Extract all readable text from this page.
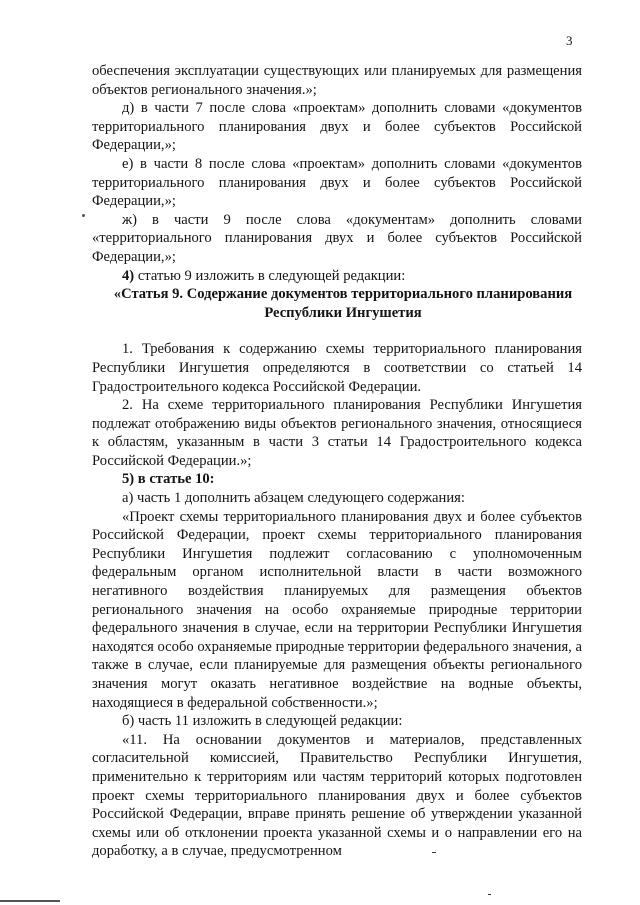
3

обеспечения эксплуатации существующих или планируемых для размещения объектов регионального значения.»;

д) в части 7 после слова «проектам» дополнить словами «документов территориального планирования двух и более субъектов Российской Федерации,»;

е) в части 8 после слова «проектам» дополнить словами «документов территориального планирования двух и более субъектов Российской Федерации,»;

ж) в части 9 после слова «документам» дополнить словами «территориального планирования двух и более субъектов Российской Федерации,»;

4) статью 9 изложить в следующей редакции:

«Статья 9. Содержание документов территориального планирования Республики Ингушетия

1. Требования к содержанию схемы территориального планирования Республики Ингушетия определяются в соответствии со статьей 14 Градостроительного кодекса Российской Федерации.

2. На схеме территориального планирования Республики Ингушетия подлежат отображению виды объектов регионального значения, относящиеся к областям, указанным в части 3 статьи 14 Градостроительного кодекса Российской Федерации.»;

5) в статье 10:

а) часть 1 дополнить абзацем следующего содержания:

«Проект схемы территориального планирования двух и более субъектов Российской Федерации, проект схемы территориального планирования Республики Ингушетия подлежит согласованию с уполномоченным федеральным органом исполнительной власти в части возможного негативного воздействия планируемых для размещения объектов регионального значения на особо охраняемые природные территории федерального значения в случае, если на территории Республики Ингушетия находятся особо охраняемые природные территории федерального значения, а также в случае, если планируемые для размещения объекты регионального значения могут оказать негативное воздействие на водные объекты, находящиеся в федеральной собственности.»;

б) часть 11 изложить в следующей редакции:

«11. На основании документов и материалов, представленных согласительной комиссией, Правительство Республики Ингушетия, применительно к территориям или частям территорий которых подготовлен проект схемы территориального планирования двух и более субъектов Российской Федерации, вправе принять решение об утверждении указанной схемы или об отклонении проекта указанной схемы и о направлении его на доработку, а в случае, предусмотренном
